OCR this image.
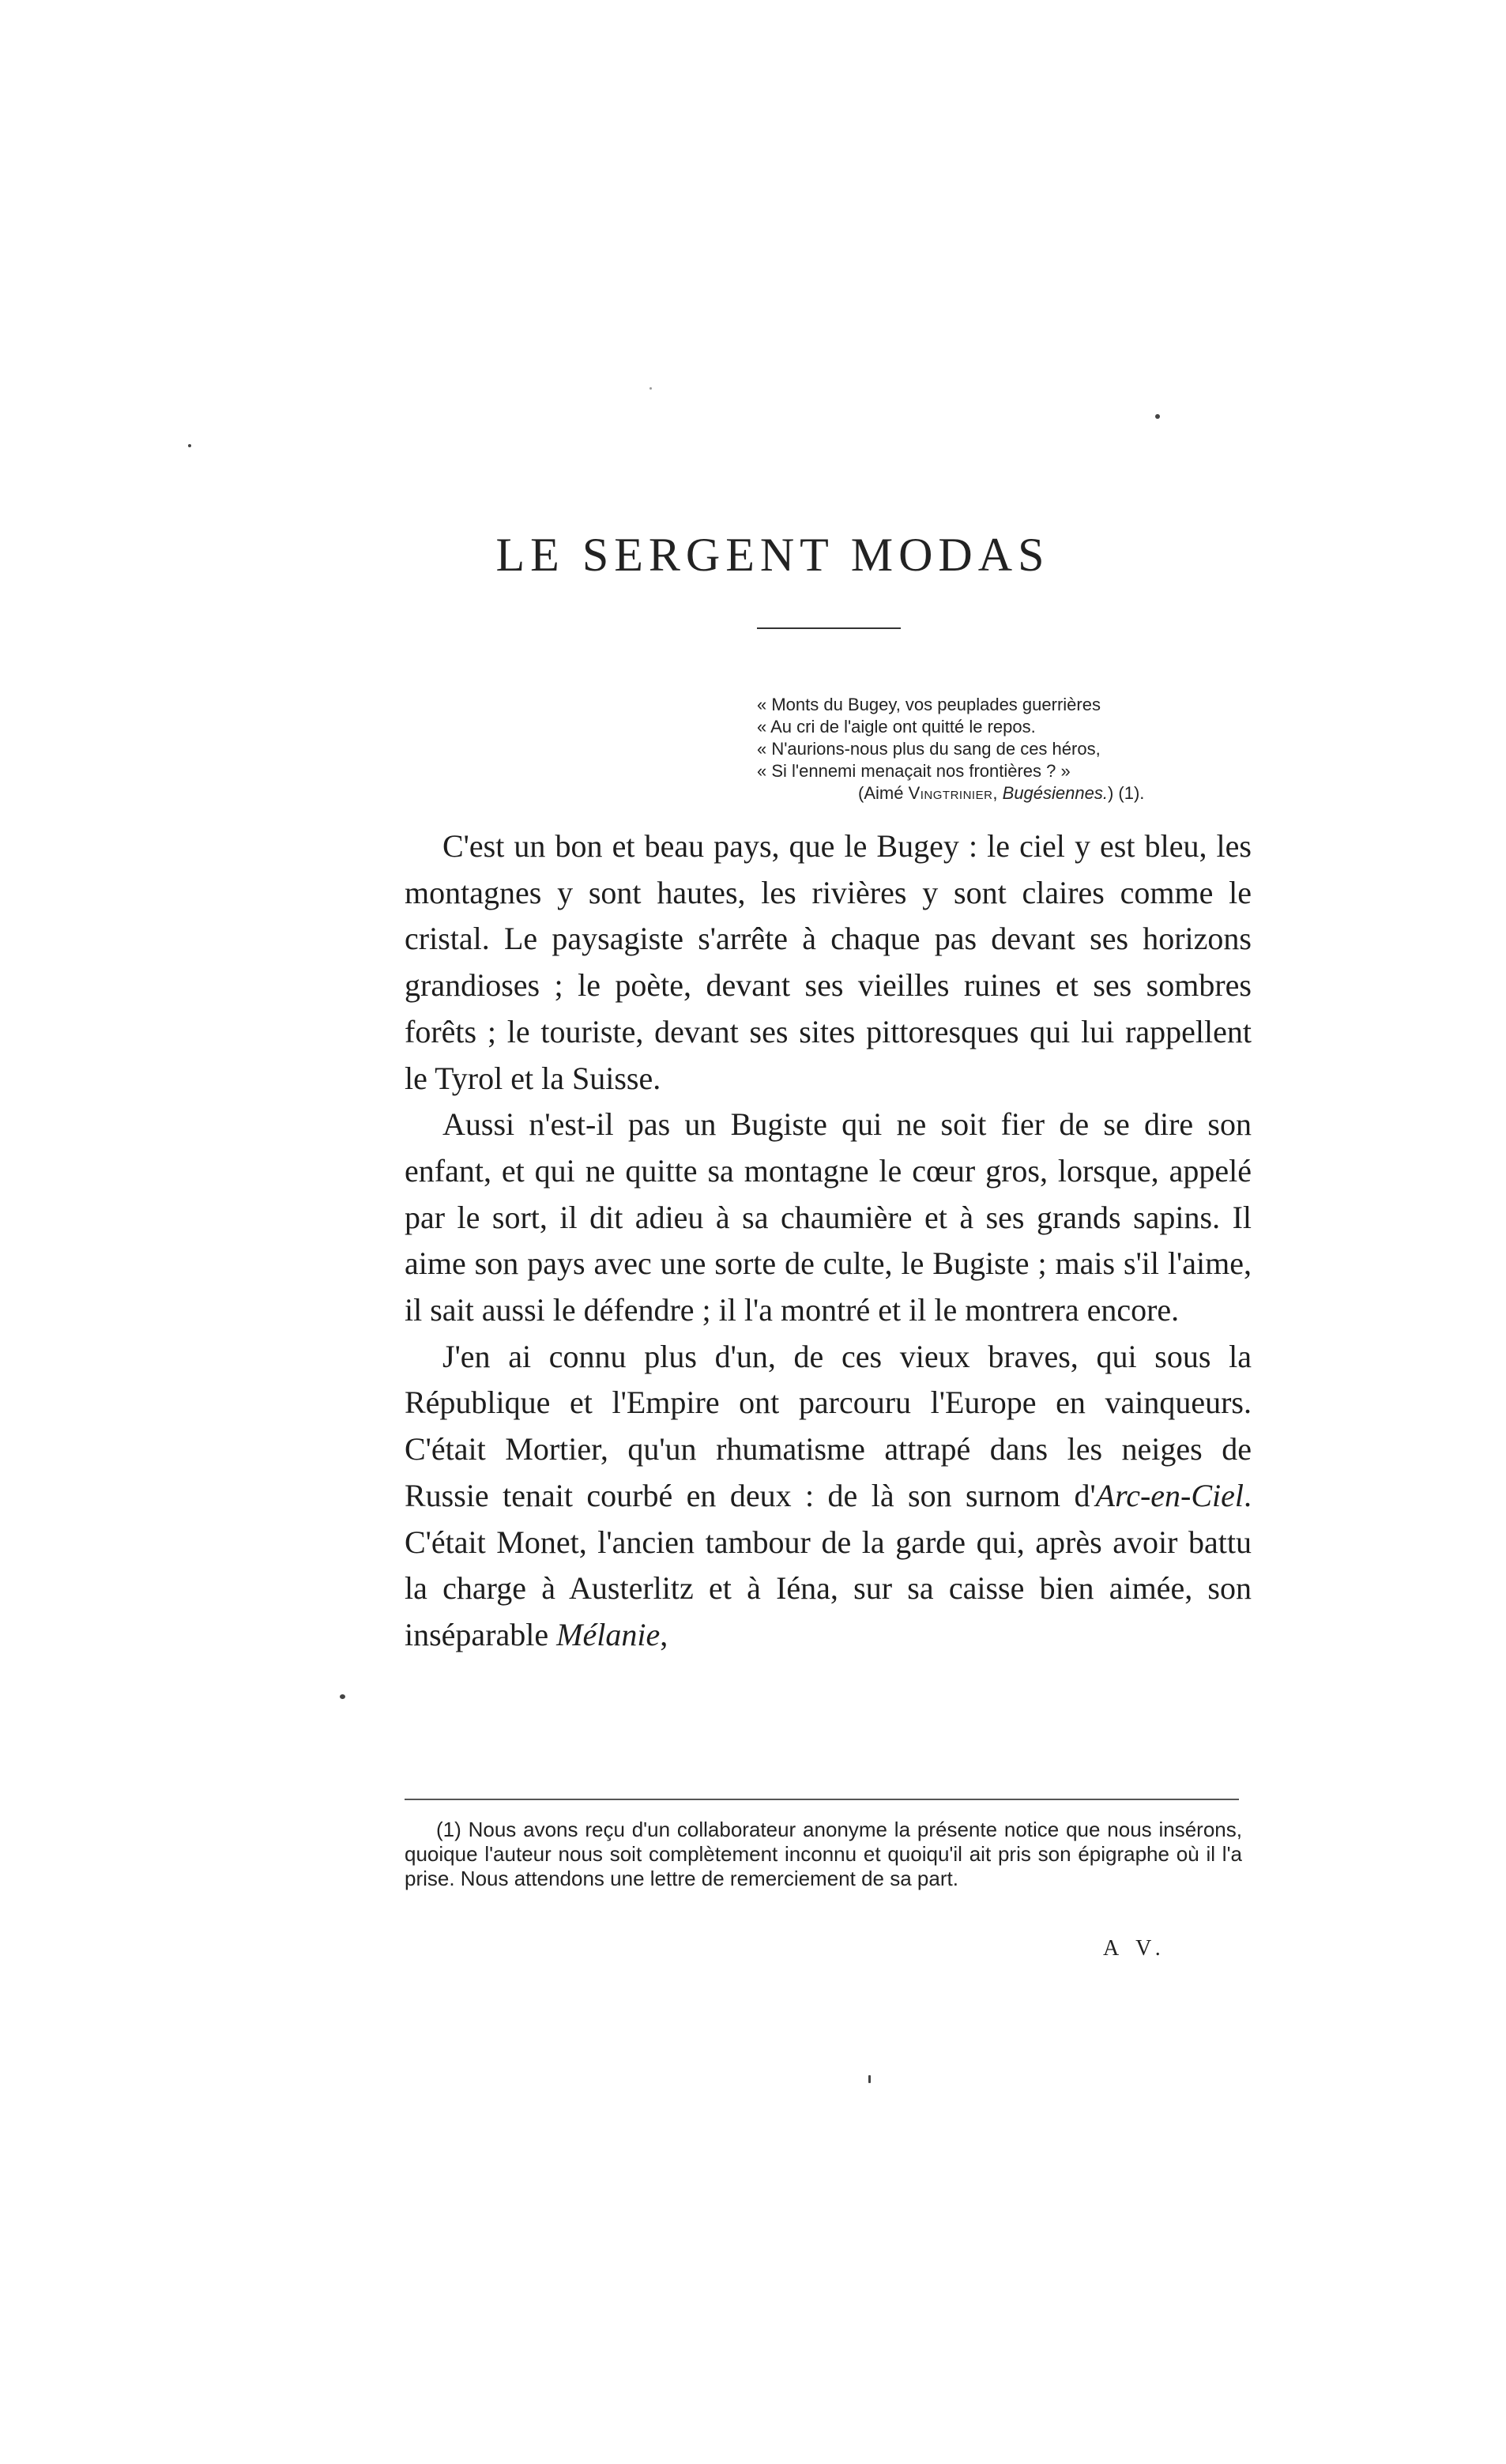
LE SERGENT MODAS
« Monts du Bugey, vos peuplades guerrières
« Au cri de l'aigle ont quitté le repos.
« N'aurions-nous plus du sang de ces héros,
« Si l'ennemi menaçait nos frontières ? »
(Aimé Vingtrinier, Bugésiennes.) (1).

C'est un bon et beau pays, que le Bugey : le ciel y est bleu, les montagnes y sont hautes, les rivières y sont claires comme le cristal. Le paysagiste s'arrête à chaque pas devant ses horizons grandioses ; le poète, devant ses vieilles ruines et ses sombres forêts ; le touriste, devant ses sites pittoresques qui lui rappellent le Tyrol et la Suisse.

Aussi n'est-il pas un Bugiste qui ne soit fier de se dire son enfant, et qui ne quitte sa montagne le cœur gros, lorsque, appelé par le sort, il dit adieu à sa chaumière et à ses grands sapins. Il aime son pays avec une sorte de culte, le Bugiste ; mais s'il l'aime, il sait aussi le défendre ; il l'a montré et il le montrera encore.

J'en ai connu plus d'un, de ces vieux braves, qui sous la République et l'Empire ont parcouru l'Europe en vainqueurs. C'était Mortier, qu'un rhumatisme attrapé dans les neiges de Russie tenait courbé en deux : de là son surnom d'Arc-en-Ciel. C'était Monet, l'ancien tambour de la garde qui, après avoir battu la charge à Austerlitz et à Iéna, sur sa caisse bien aimée, son inséparable Mélanie,

(1) Nous avons reçu d'un collaborateur anonyme la présente notice que nous insérons, quoique l'auteur nous soit complètement inconnu et quoiqu'il ait pris son épigraphe où il l'a prise. Nous attendons une lettre de remerciement de sa part.

A V.
